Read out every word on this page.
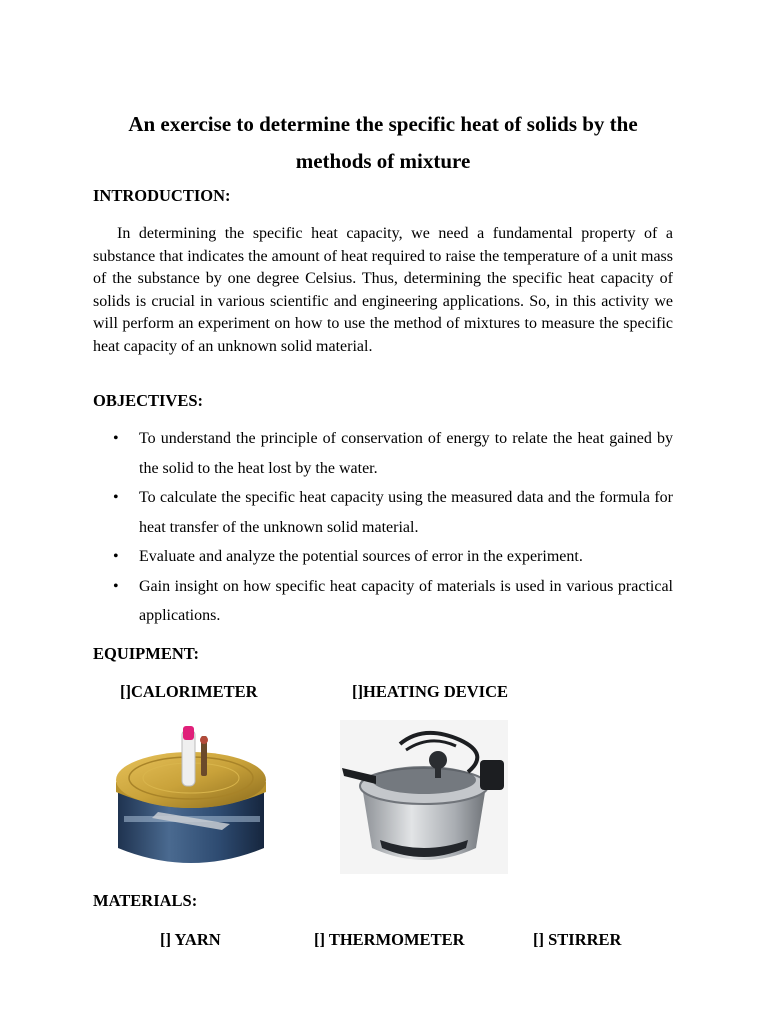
An exercise to determine the specific heat of solids by the methods of mixture
INTRODUCTION:

In determining the specific heat capacity, we need a fundamental property of a substance that indicates the amount of heat required to raise the temperature of a unit mass of the substance by one degree Celsius. Thus, determining the specific heat capacity of solids is crucial in various scientific and engineering applications. So, in this activity we will perform an experiment on how to use the method of mixtures to measure the specific heat capacity of an unknown solid material.

OBJECTIVES:
• To understand the principle of conservation of energy to relate the heat gained by the solid to the heat lost by the water.
• To calculate the specific heat capacity using the measured data and the formula for heat transfer of the unknown solid material.
• Evaluate and analyze the potential sources of error in the experiment.
• Gain insight on how specific heat capacity of materials is used in various practical applications.
EQUIPMENT:
[]CALORIMETER	[]HEATING DEVICE
MATERIALS:
[] YARN	[] THERMOMETER	[] STIRRER
